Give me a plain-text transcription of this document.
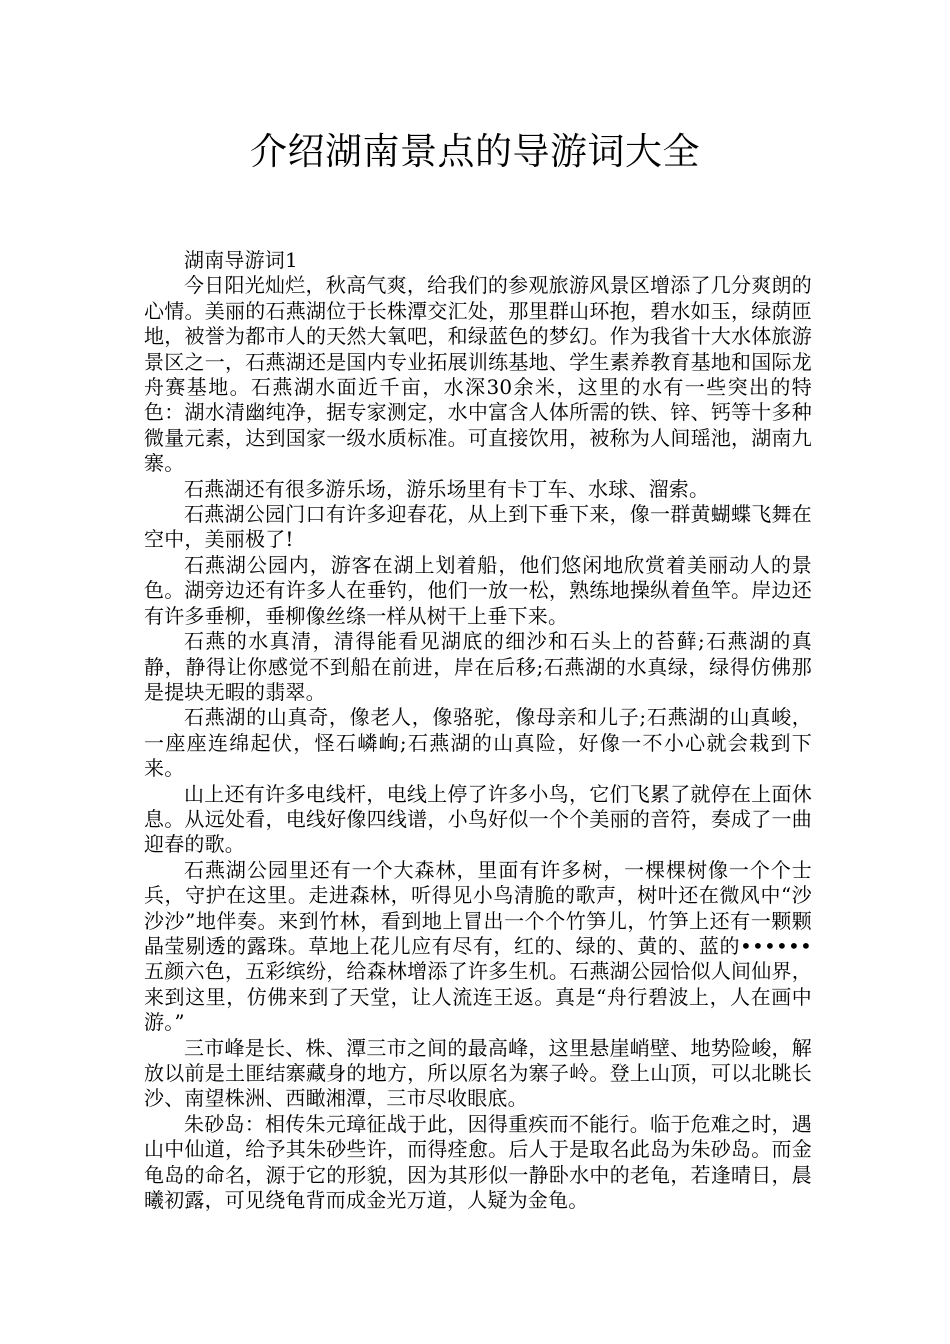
介绍湖南景点的导游词大全

湖南导游词1

今日阳光灿烂，秋高气爽，给我们的参观旅游风景区增添了几分爽朗的心情。美丽的石燕湖位于长株潭交汇处，那里群山环抱，碧水如玉，绿荫匝地，被誉为都市人的天然大氧吧，和绿蓝色的梦幻。作为我省十大水体旅游景区之一，石燕湖还是国内专业拓展训练基地、学生素养教育基地和国际龙舟赛基地。石燕湖水面近千亩，水深30余米，这里的水有一些突出的特色：湖水清幽纯净，据专家测定，水中富含人体所需的铁、锌、钙等十多种微量元素，达到国家一级水质标准。可直接饮用，被称为人间瑶池，湖南九寨。

石燕湖还有很多游乐场，游乐场里有卡丁车、水球、溜索。

石燕湖公园门口有许多迎春花，从上到下垂下来，像一群黄蝴蝶飞舞在空中，美丽极了!

石燕湖公园内，游客在湖上划着船，他们悠闲地欣赏着美丽动人的景色。湖旁边还有许多人在垂钓，他们一放一松，熟练地操纵着鱼竿。岸边还有许多垂柳，垂柳像丝绦一样从树干上垂下来。

石燕的水真清，清得能看见湖底的细沙和石头上的苔藓;石燕湖的真静，静得让你感觉不到船在前进，岸在后移;石燕湖的水真绿，绿得仿佛那是提块无暇的翡翠。

石燕湖的山真奇，像老人，像骆驼，像母亲和儿子;石燕湖的山真峻，一座座连绵起伏，怪石嶙峋;石燕湖的山真险，好像一不小心就会栽到下来。

山上还有许多电线杆，电线上停了许多小鸟，它们飞累了就停在上面休息。从远处看，电线好像四线谱，小鸟好似一个个美丽的音符，奏成了一曲迎春的歌。

石燕湖公园里还有一个大森林，里面有许多树，一棵棵树像一个个士兵，守护在这里。走进森林，听得见小鸟清脆的歌声，树叶还在微风中“沙沙沙”地伴奏。来到竹林，看到地上冒出一个个竹笋儿，竹笋上还有一颗颗晶莹剔透的露珠。草地上花儿应有尽有，红的、绿的、黄的、蓝的••••••五颜六色，五彩缤纷，给森林增添了许多生机。石燕湖公园恰似人间仙界，来到这里，仿佛来到了天堂，让人流连王返。真是“舟行碧波上，人在画中游。”

三市峰是长、株、潭三市之间的最高峰，这里悬崖峭壁、地势险峻，解放以前是土匪结寨藏身的地方，所以原名为寨子岭。登上山顶，可以北眺长沙、南望株洲、西瞰湘潭，三市尽收眼底。

朱砂岛：相传朱元璋征战于此，因得重疾而不能行。临于危难之时，遇山中仙道，给予其朱砂些许，而得痊愈。后人于是取名此岛为朱砂岛。而金龟岛的命名，源于它的形貌，因为其形似一静卧水中的老龟，若逢晴日，晨曦初露，可见绕龟背而成金光万道，人疑为金龟。
